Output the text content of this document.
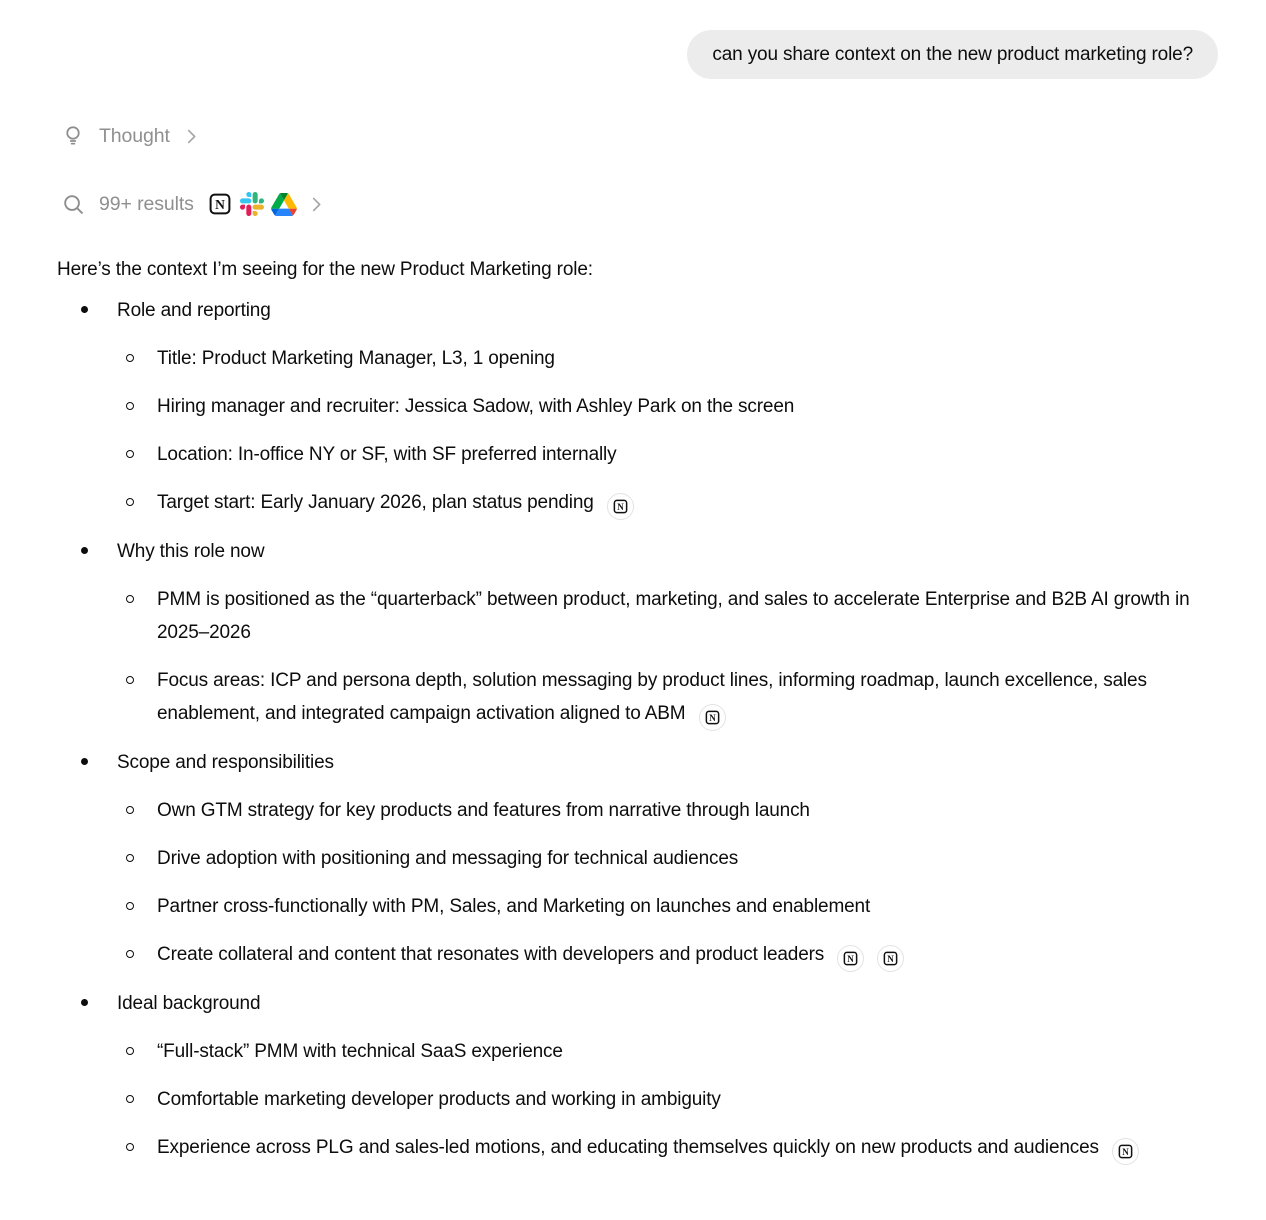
can you share context on the new product marketing role?
Thought
99+ results N

Here’s the context I’m seeing for the new Product Marketing role:

Role and reporting
Title: Product Marketing Manager, L3, 1 opening
Hiring manager and recruiter: Jessica Sadow, with Ashley Park on the screen
Location: In-office NY or SF, with SF preferred internally
Target start: Early January 2026, plan status pending N
Why this role now
PMM is positioned as the “quarterback” between product, marketing, and sales to accelerate Enterprise and B2B AI growth in 2025–2026
Focus areas: ICP and persona depth, solution messaging by product lines, informing roadmap, launch excellence, sales enablement, and integrated campaign activation aligned to ABM N
Scope and responsibilities
Own GTM strategy for key products and features from narrative through launch
Drive adoption with positioning and messaging for technical audiences
Partner cross-functionally with PM, Sales, and Marketing on launches and enablement
Create collateral and content that resonates with developers and product leaders N
N
Ideal background
“Full-stack” PMM with technical SaaS experience
Comfortable marketing developer products and working in ambiguity
Experience across PLG and sales-led motions, and educating themselves quickly on new products and audiences N
